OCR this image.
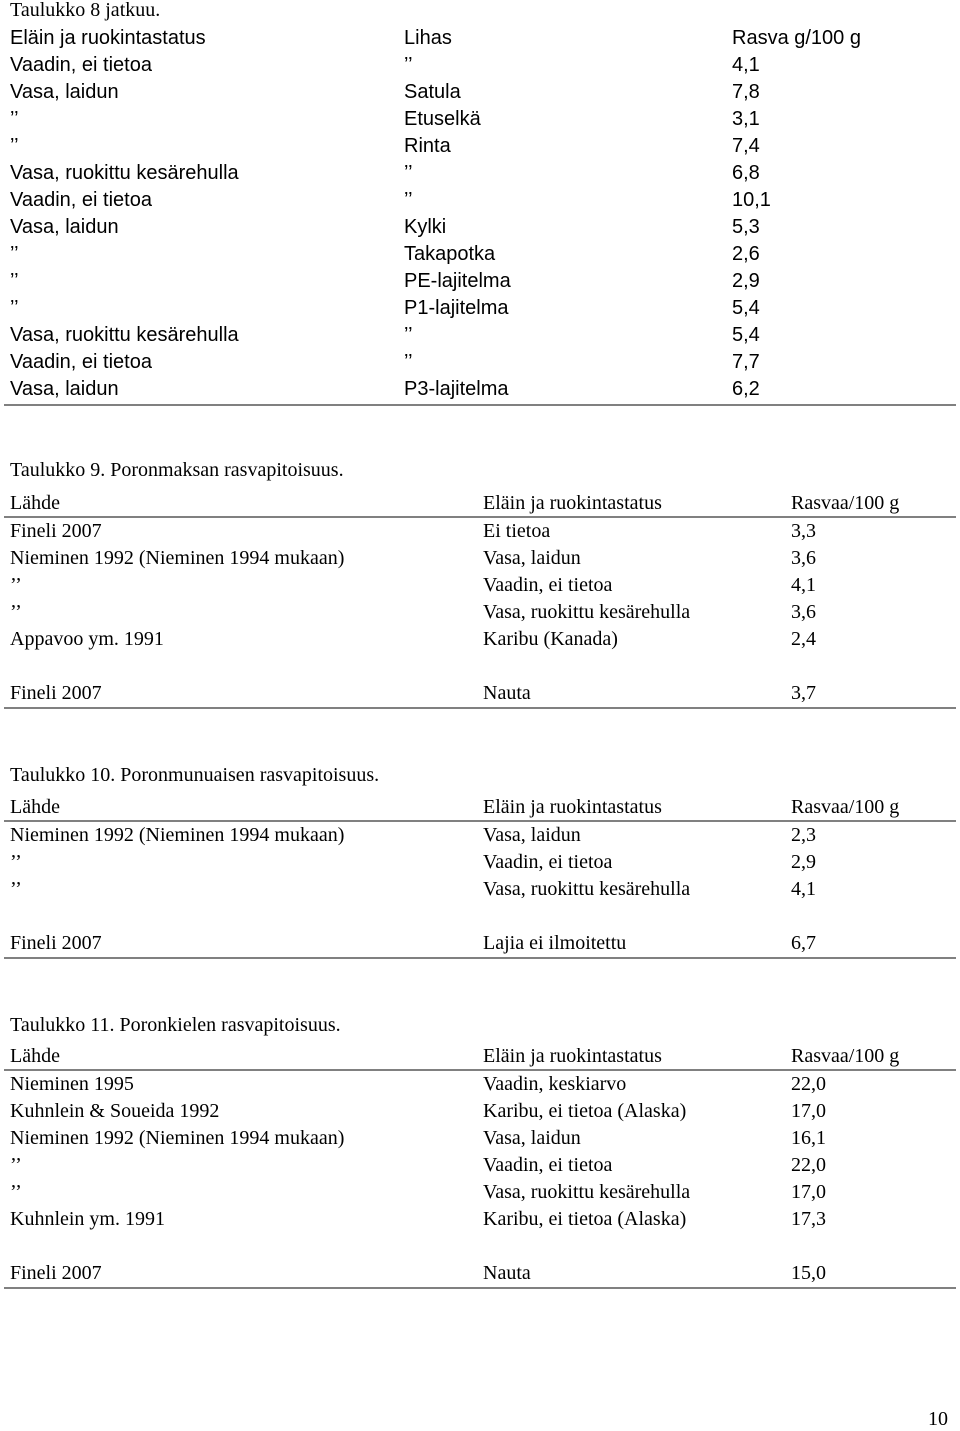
Taulukko 8 jatkuu.
Eläin ja ruokintastatus	Lihas	Rasva g/100 g
Vaadin, ei tietoa	’’	4,1
Vasa, laidun	Satula	7,8
’’	Etuselkä	3,1
’’	Rinta	7,4
Vasa, ruokittu kesärehulla	’’	6,8
Vaadin, ei tietoa	’’	10,1
Vasa, laidun	Kylki	5,3
’’	Takapotka	2,6
’’	PE-lajitelma	2,9
’’	P1-lajitelma	5,4
Vasa, ruokittu kesärehulla	’’	5,4
Vaadin, ei tietoa	’’	7,7
Vasa, laidun	P3-lajitelma	6,2
Taulukko 9. Poronmaksan rasvapitoisuus.
Lähde	Eläin ja ruokintastatus	Rasvaa/100 g
Fineli 2007	Ei tietoa	3,3
Nieminen 1992 (Nieminen 1994 mukaan)	Vasa, laidun	3,6
’’	Vaadin, ei tietoa	4,1
’’	Vasa, ruokittu kesärehulla	3,6
Appavoo ym. 1991	Karibu (Kanada)	2,4
Fineli 2007	Nauta	3,7
Taulukko 10. Poronmunuaisen rasvapitoisuus.
Lähde	Eläin ja ruokintastatus	Rasvaa/100 g
Nieminen 1992 (Nieminen 1994 mukaan)	Vasa, laidun	2,3
’’	Vaadin, ei tietoa	2,9
’’	Vasa, ruokittu kesärehulla	4,1
Fineli 2007	Lajia ei ilmoitettu	6,7
Taulukko 11. Poronkielen rasvapitoisuus.
Lähde	Eläin ja ruokintastatus	Rasvaa/100 g
Nieminen 1995	Vaadin, keskiarvo	22,0
Kuhnlein & Soueida 1992	Karibu, ei tietoa (Alaska)	17,0
Nieminen 1992 (Nieminen 1994 mukaan)	Vasa, laidun	16,1
’’	Vaadin, ei tietoa	22,0
’’	Vasa, ruokittu kesärehulla	17,0
Kuhnlein ym. 1991	Karibu, ei tietoa (Alaska)	17,3
Fineli 2007	Nauta	15,0
10
